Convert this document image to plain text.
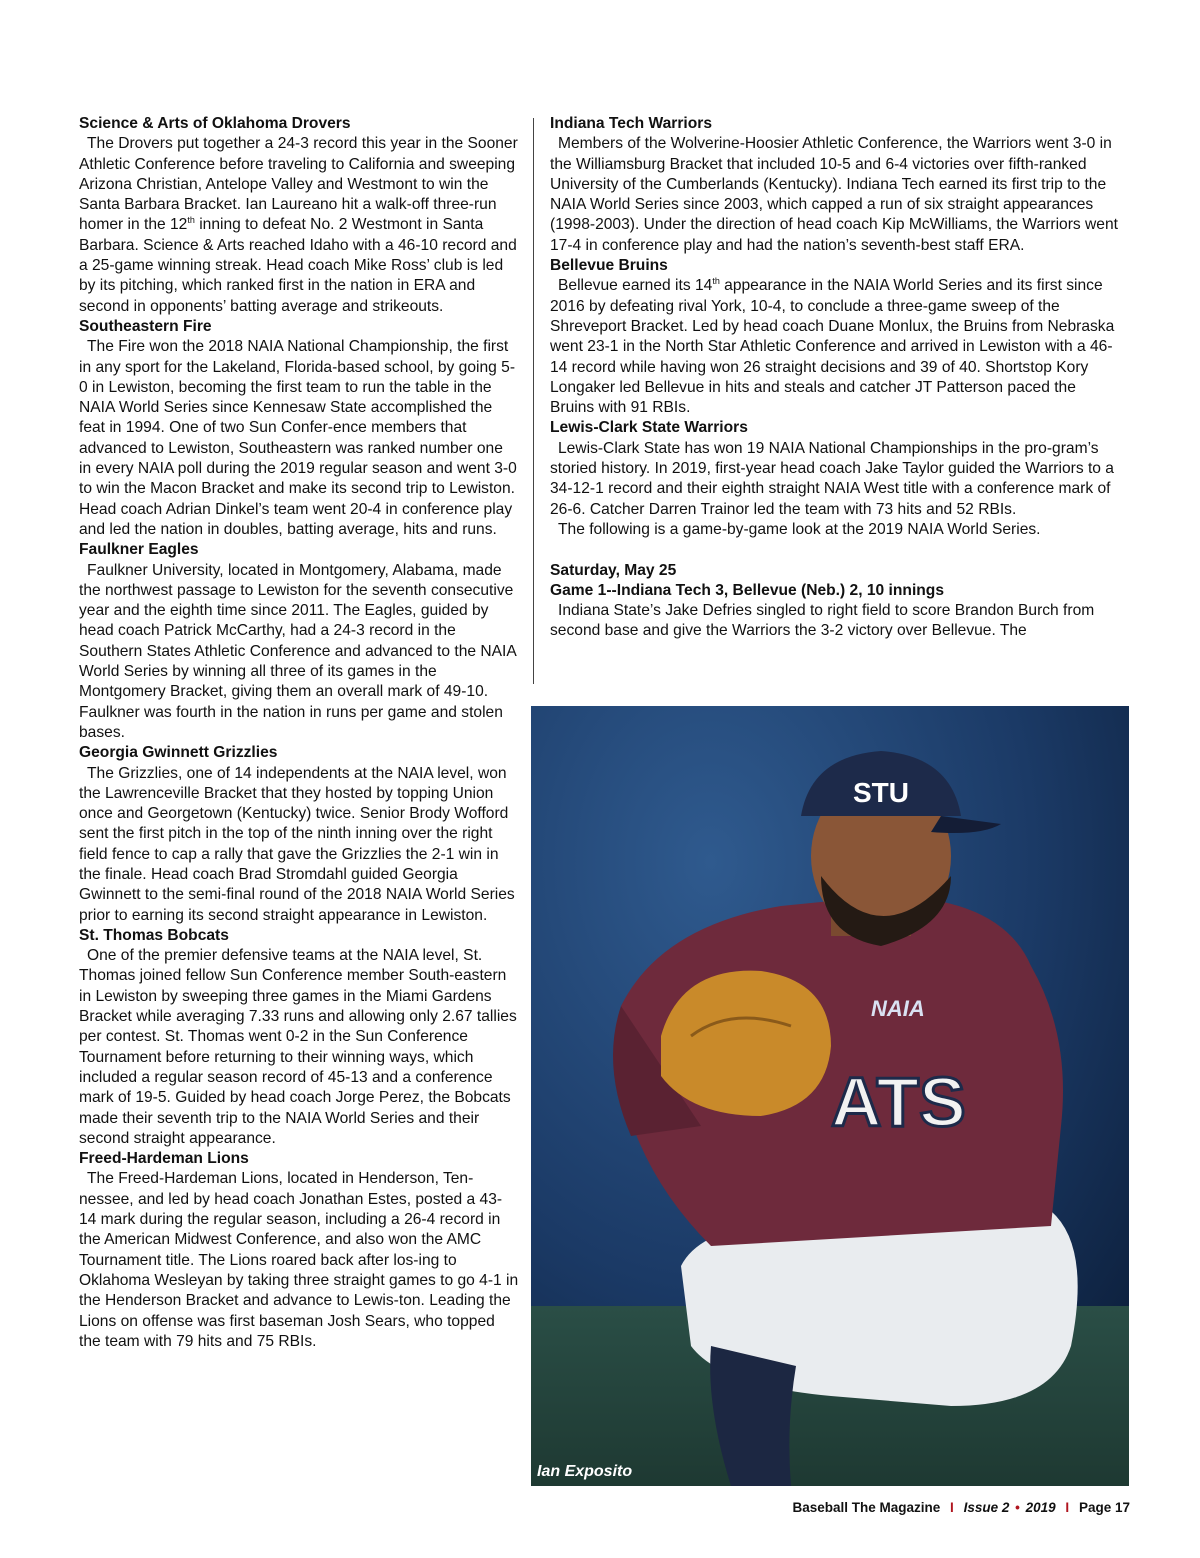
Science & Arts of Oklahoma Drovers

The Drovers put together a 24-3 record this year in the Sooner Athletic Conference before traveling to California and sweeping Arizona Christian, Antelope Valley and Westmont to win the Santa Barbara Bracket. Ian Laureano hit a walk-off three-run homer in the 12th inning to defeat No. 2 Westmont in Santa Barbara. Science & Arts reached Idaho with a 46-10 record and a 25-game winning streak. Head coach Mike Ross’ club is led by its pitching, which ranked first in the nation in ERA and second in opponents’ batting average and strikeouts.

Southeastern Fire

The Fire won the 2018 NAIA National Championship, the first in any sport for the Lakeland, Florida-based school, by going 5-0 in Lewiston, becoming the first team to run the table in the NAIA World Series since Kennesaw State accomplished the feat in 1994. One of two Sun Confer-ence members that advanced to Lewiston, Southeastern was ranked number one in every NAIA poll during the 2019 regular season and went 3-0 to win the Macon Bracket and make its second trip to Lewiston. Head coach Adrian Dinkel’s team went 20-4 in conference play and led the nation in doubles, batting average, hits and runs.

Faulkner Eagles

Faulkner University, located in Montgomery, Alabama, made the northwest passage to Lewiston for the seventh consecutive year and the eighth time since 2011. The Eagles, guided by head coach Patrick McCarthy, had a 24-3 record in the Southern States Athletic Conference and advanced to the NAIA World Series by winning all three of its games in the Montgomery Bracket, giving them an overall mark of 49-10. Faulkner was fourth in the nation in runs per game and stolen bases.

Georgia Gwinnett Grizzlies

The Grizzlies, one of 14 independents at the NAIA level, won the Lawrenceville Bracket that they hosted by topping Union once and Georgetown (Kentucky) twice. Senior Brody Wofford sent the first pitch in the top of the ninth inning over the right field fence to cap a rally that gave the Grizzlies the 2-1 win in the finale. Head coach Brad Stromdahl guided Georgia Gwinnett to the semi-final round of the 2018 NAIA World Series prior to earning its second straight appearance in Lewiston.

St. Thomas Bobcats

One of the premier defensive teams at the NAIA level, St. Thomas joined fellow Sun Conference member South-eastern in Lewiston by sweeping three games in the Miami Gardens Bracket while averaging 7.33 runs and allowing only 2.67 tallies per contest. St. Thomas went 0-2 in the Sun Conference Tournament before returning to their winning ways, which included a regular season record of 45-13 and a conference mark of 19-5. Guided by head coach Jorge Perez, the Bobcats made their seventh trip to the NAIA World Series and their second straight appearance.

Freed-Hardeman Lions

The Freed-Hardeman Lions, located in Henderson, Ten-nessee, and led by head coach Jonathan Estes, posted a 43-14 mark during the regular season, including a 26-4 record in the American Midwest Conference, and also won the AMC Tournament title. The Lions roared back after los-ing to Oklahoma Wesleyan by taking three straight games to go 4-1 in the Henderson Bracket and advance to Lewis-ton. Leading the Lions on offense was first baseman Josh Sears, who topped the team with 79 hits and 75 RBIs.

Indiana Tech Warriors

Members of the Wolverine-Hoosier Athletic Conference, the Warriors went 3-0 in the Williamsburg Bracket that included 10-5 and 6-4 victories over fifth-ranked University of the Cumberlands (Kentucky). Indiana Tech earned its first trip to the NAIA World Series since 2003, which capped a run of six straight appearances (1998-2003). Under the direction of head coach Kip McWilliams, the Warriors went 17-4 in conference play and had the nation’s seventh-best staff ERA.

Bellevue Bruins

Bellevue earned its 14th appearance in the NAIA World Series and its first since 2016 by defeating rival York, 10-4, to conclude a three-game sweep of the Shreveport Bracket. Led by head coach Duane Monlux, the Bruins from Nebraska went 23-1 in the North Star Athletic Conference and arrived in Lewiston with a 46-14 record while having won 26 straight decisions and 39 of 40. Shortstop Kory Longaker led Bellevue in hits and steals and catcher JT Patterson paced the Bruins with 91 RBIs.

Lewis-Clark State Warriors

Lewis-Clark State has won 19 NAIA National Championships in the pro-gram’s storied history. In 2019, first-year head coach Jake Taylor guided the Warriors to a 34-12-1 record and their eighth straight NAIA West title with a conference mark of 26-6. Catcher Darren Trainor led the team with 73 hits and 52 RBIs.

The following is a game-by-game look at the 2019 NAIA World Series.

Saturday, May 25
Game 1--Indiana Tech 3, Bellevue (Neb.) 2, 10 innings

Indiana State’s Jake Defries singled to right field to score Brandon Burch from second base and give the Warriors the 3-2 victory over Bellevue. The

STU
NAIA
ATS
Ian Exposito
Baseball The Magazine I Issue 2 • 2019 I Page 17
